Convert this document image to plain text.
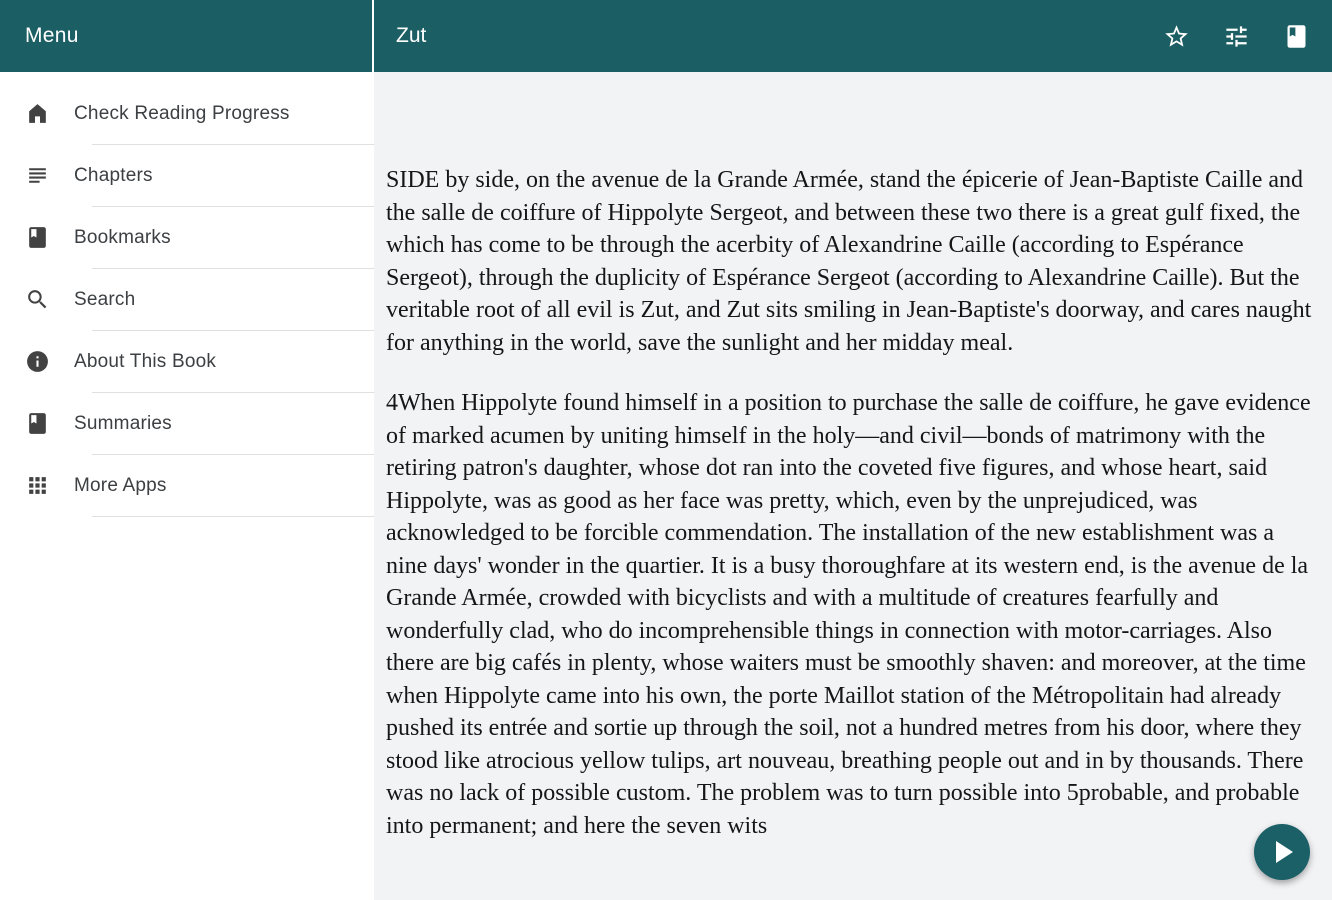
Menu	Zut
Check Reading Progress
Chapters
Bookmarks
Search
About This Book
Summaries
More Apps

SIDE by side, on the avenue de la Grande Armée, stand the épicerie of Jean-Baptiste Caille and the salle de coiffure of Hippolyte Sergeot, and between these two there is a great gulf fixed, the which has come to be through the acerbity of Alexandrine Caille (according to Espérance Sergeot), through the duplicity of Espérance Sergeot (according to Alexandrine Caille). But the veritable root of all evil is Zut, and Zut sits smiling in Jean-Baptiste's doorway, and cares naught for anything in the world, save the sunlight and her midday meal.

4When Hippolyte found himself in a position to purchase the salle de coiffure, he gave evidence of marked acumen by uniting himself in the holy—and civil—bonds of matrimony with the retiring patron's daughter, whose dot ran into the coveted five figures, and whose heart, said Hippolyte, was as good as her face was pretty, which, even by the unprejudiced, was acknowledged to be forcible commendation. The installation of the new establishment was a nine days' wonder in the quartier. It is a busy thoroughfare at its western end, is the avenue de la Grande Armée, crowded with bicyclists and with a multitude of creatures fearfully and wonderfully clad, who do incomprehensible things in connection with motor-carriages. Also there are big cafés in plenty, whose waiters must be smoothly shaven: and moreover, at the time when Hippolyte came into his own, the porte Maillot station of the Métropolitain had already pushed its entrée and sortie up through the soil, not a hundred metres from his door, where they stood like atrocious yellow tulips, art nouveau, breathing people out and in by thousands. There was no lack of possible custom. The problem was to turn possible into 5probable, and probable into permanent; and here the seven wits
